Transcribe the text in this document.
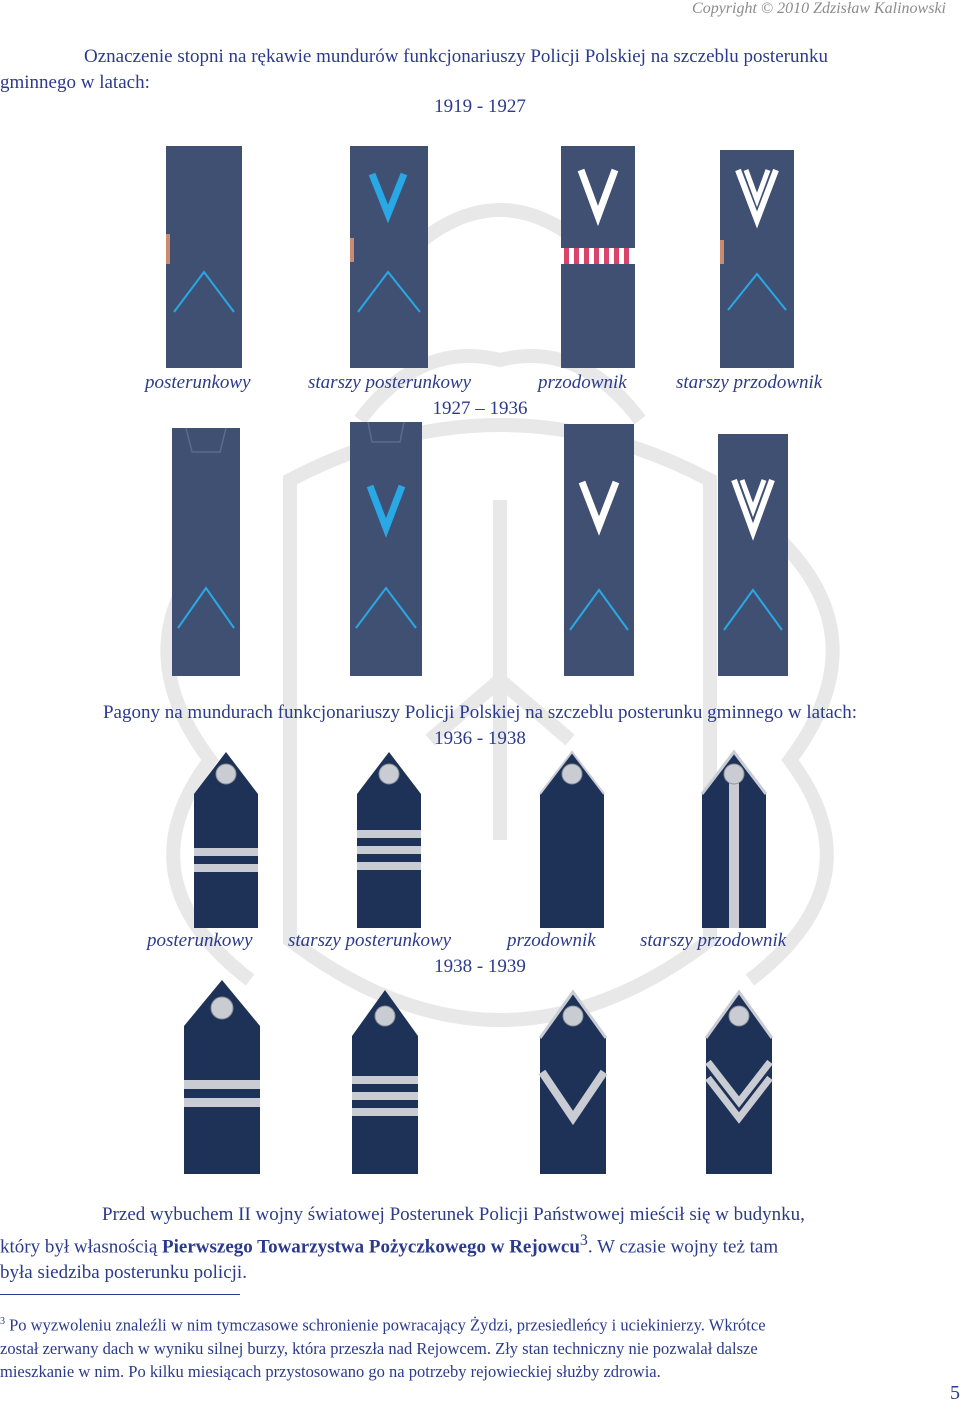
Copyright © 2010 Zdzisław Kalinowski
Oznaczenie stopni na rękawie mundurów funkcjonariuszy Policji Polskiej na szczeblu posterunku
gminnego w latach:
1919 - 1927
posterunkowy	starszy posterunkowy	przodownik	starszy przodownik
1927 – 1936
Pagony na mundurach funkcjonariuszy Policji Polskiej na szczeblu posterunku gminnego w latach:
1936 - 1938
posterunkowy starszy posterunkowy	przodownik starszy przodownik
1938 - 1939
Przed wybuchem II wojny światowej Posterunek Policji Państwowej mieścił się w budynku,
który był własnością Pierwszego Towarzystwa Pożyczkowego w Rejowcu$^3$. W czasie wojny też tam
była siedziba posterunku policji.
$^3$ Po wyzwoleniu znaleźli w nim tymczasowe schronienie powracający Żydzi, przesiedleńcy i uciekinierzy. Wkrótce
został zerwany dach w wyniku silnej burzy, która przeszła nad Rejowcem. Zły stan techniczny nie pozwalał dalsze
mieszkanie w nim. Po kilku miesiącach przystosowano go na potrzeby rejowieckiej służby zdrowia.
5
